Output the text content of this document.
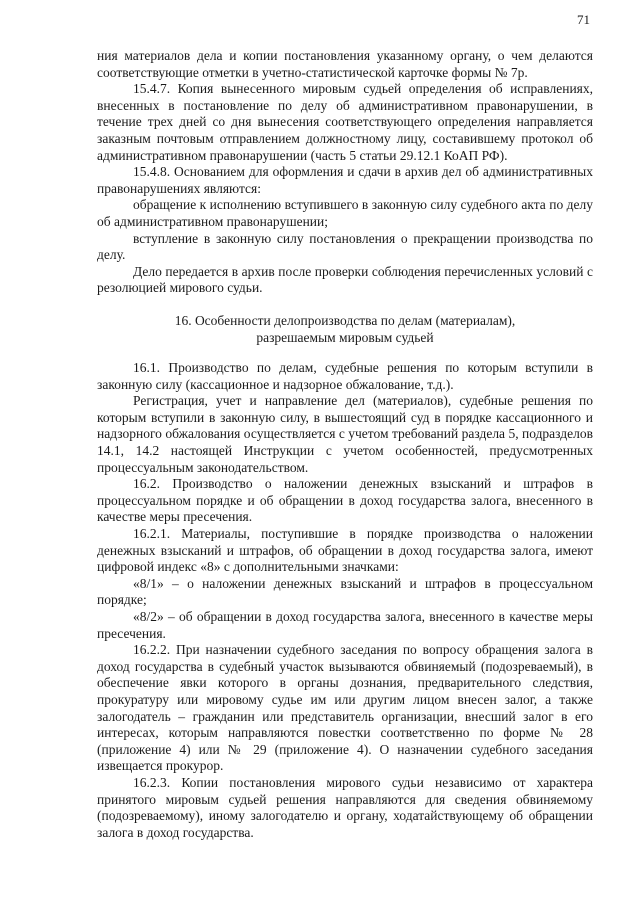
71

ния материалов дела и копии постановления указанному органу, о чем делаются соответствующие отметки в учетно-статистической карточке формы № 7р.

15.4.7. Копия вынесенного мировым судьей определения об исправлениях, внесенных в постановление по делу об административном правонарушении, в течение трех дней со дня вынесения соответствующего определения направляется заказным почтовым отправлением должностному лицу, составившему протокол об административном правонарушении (часть 5 статьи 29.12.1 КоАП РФ).

15.4.8. Основанием для оформления и сдачи в архив дел об административных правонарушениях являются:

обращение к исполнению вступившего в законную силу судебного акта по делу об административном правонарушении;

вступление в законную силу постановления о прекращении производства по делу.

Дело передается в архив после проверки соблюдения перечисленных условий с резолюцией мирового судьи.

16. Особенности делопроизводства по делам (материалам),

разрешаемым мировым судьей

16.1. Производство по делам, судебные решения по которым вступили в законную силу (кассационное и надзорное обжалование, т.д.).

Регистрация, учет и направление дел (материалов), судебные решения по которым вступили в законную силу, в вышестоящий суд в порядке кассационного и надзорного обжалования осуществляется с учетом требований раздела 5, подразделов 14.1, 14.2 настоящей Инструкции с учетом особенностей, предусмотренных процессуальным законодательством.

16.2. Производство о наложении денежных взысканий и штрафов в процессуальном порядке и об обращении в доход государства залога, внесенного в качестве меры пресечения.

16.2.1. Материалы, поступившие в порядке производства о наложении денежных взысканий и штрафов, об обращении в доход государства залога, имеют цифровой индекс «8» с дополнительными значками:

«8/1» – о наложении денежных взысканий и штрафов в процессуальном порядке;

«8/2» – об обращении в доход государства залога, внесенного в качестве меры пресечения.

16.2.2. При назначении судебного заседания по вопросу обращения залога в доход государства в судебный участок вызываются обвиняемый (подозреваемый), в обеспечение явки которого в органы дознания, предварительного следствия, прокуратуру или мировому судье им или другим лицом внесен залог, а также залогодатель – гражданин или представитель организации, внесший залог в его интересах, которым направляются повестки соответственно по форме № 28 (приложение 4) или № 29 (приложение 4). О назначении судебного заседания извещается прокурор.

16.2.3. Копии постановления мирового судьи независимо от характера принятого мировым судьей решения направляются для сведения обвиняемому (подозреваемому), иному залогодателю и органу, ходатайствующему об обращении залога в доход государства.
